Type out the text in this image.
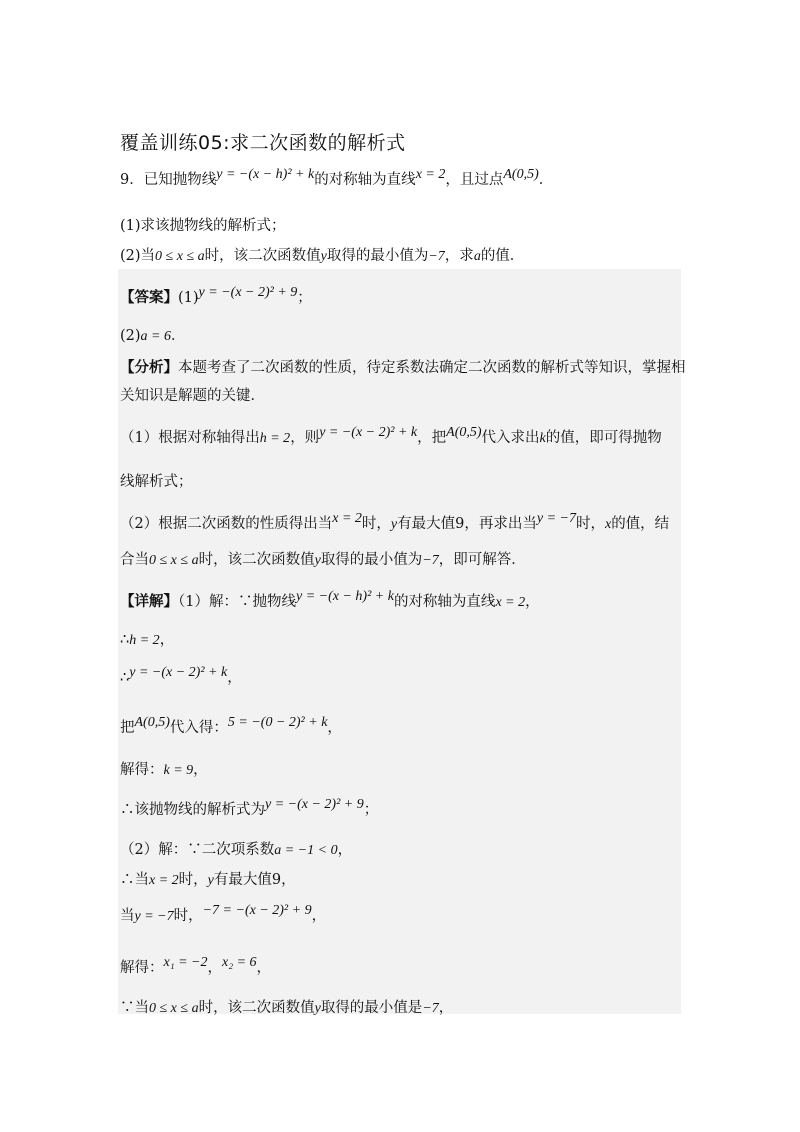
覆盖训练05:求二次函数的解析式
9．已知抛物线y = −(x − h)² + k的对称轴为直线x = 2，且过点A(0,5)．
(1)求该抛物线的解析式；
(2)当0 ≤ x ≤ a时，该二次函数值y取得的最小值为−7，求a的值．
【答案】(1)y = −(x − 2)² + 9；
(2)a = 6．
【分析】本题考查了二次函数的性质，待定系数法确定二次函数的解析式等知识，掌握相
关知识是解题的关键．
（1）根据对称轴得出h = 2，则y = −(x − 2)² + k，把A(0,5)代入求出k的值，即可得抛物
线解析式；
（2）根据二次函数的性质得出当x = 2时，y有最大值9，再求出当y = −7时，x的值，结
合当0 ≤ x ≤ a时，该二次函数值y取得的最小值为−7，即可解答．
【详解】（1）解：∵抛物线y = −(x − h)² + k的对称轴为直线x = 2，
∴h = 2，
∴y = −(x − 2)² + k，
把A(0,5)代入得：5 = −(0 − 2)² + k，
解得：k = 9，
∴该抛物线的解析式为y = −(x − 2)² + 9；
（2）解：∵二次项系数a = −1 < 0，
∴当x = 2时，y有最大值9，
当y = −7时，−7 = −(x − 2)² + 9，
解得：x₁ = −2，x₂ = 6，
∵当0 ≤ x ≤ a时，该二次函数值y取得的最小值是−7，
